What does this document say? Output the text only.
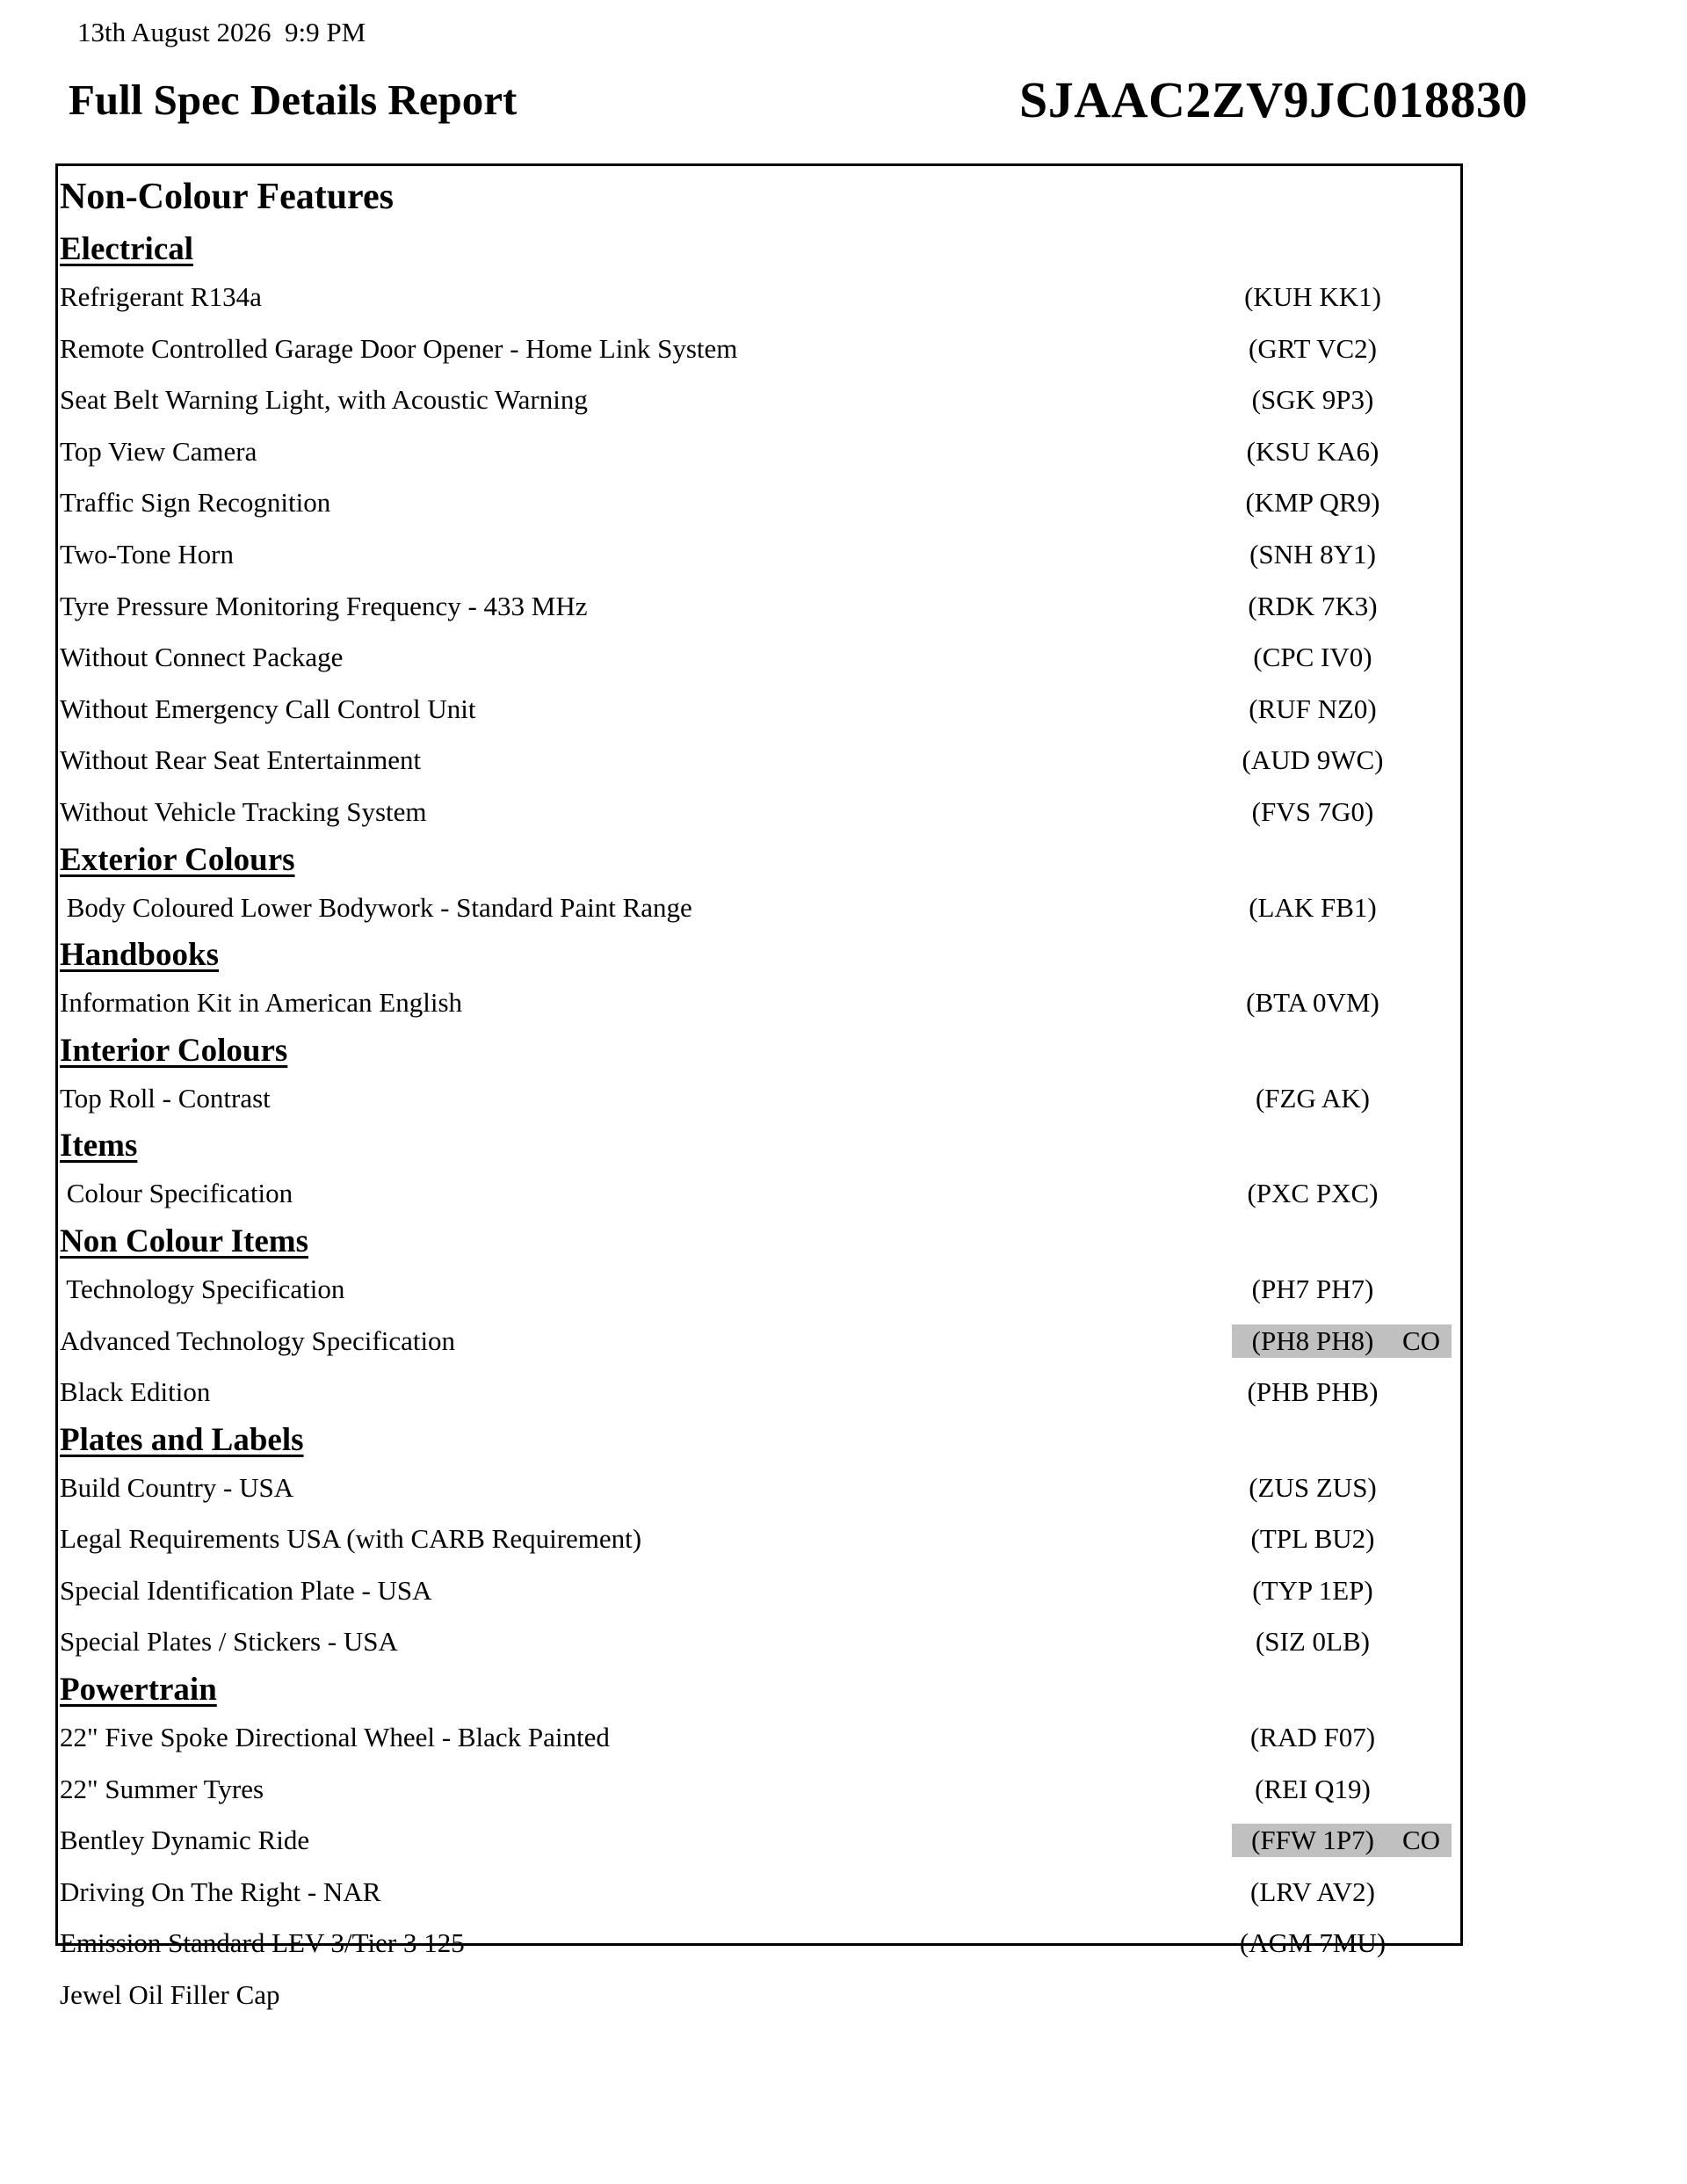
13th August 2026  9:9 PM
Full Spec Details Report	SJAAC2ZV9JC018830
Non-Colour Features
Electrical
Refrigerant R134a	(KUH KK1)
Remote Controlled Garage Door Opener - Home Link System	(GRT VC2)
Seat Belt Warning Light, with Acoustic Warning	(SGK 9P3)
Top View Camera	(KSU KA6)
Traffic Sign Recognition	(KMP QR9)
Two-Tone Horn	(SNH 8Y1)
Tyre Pressure Monitoring Frequency - 433 MHz	(RDK 7K3)
Without Connect Package	(CPC IV0)
Without Emergency Call Control Unit	(RUF NZ0)
Without Rear Seat Entertainment	(AUD 9WC)
Without Vehicle Tracking System	(FVS 7G0)
Exterior Colours
Body Coloured Lower Bodywork - Standard Paint Range	(LAK FB1)
Handbooks
Information Kit in American English	(BTA 0VM)
Interior Colours
Top Roll - Contrast	(FZG AK)
Items
Colour Specification	(PXC PXC)
Non Colour Items
Technology Specification	(PH7 PH7)
Advanced Technology Specification	(PH8 PH8)	CO
Black Edition	(PHB PHB)
Plates and Labels
Build Country - USA	(ZUS ZUS)
Legal Requirements USA (with CARB Requirement)	(TPL BU2)
Special Identification Plate - USA	(TYP 1EP)
Special Plates / Stickers - USA	(SIZ 0LB)
Powertrain
22" Five Spoke Directional Wheel - Black Painted	(RAD F07)
22" Summer Tyres	(REI Q19)
Bentley Dynamic Ride	(FFW 1P7)	CO
Driving On The Right - NAR	(LRV AV2)
Emission Standard LEV 3/Tier 3 125	(AGM 7MU)
Jewel Oil Filler Cap
